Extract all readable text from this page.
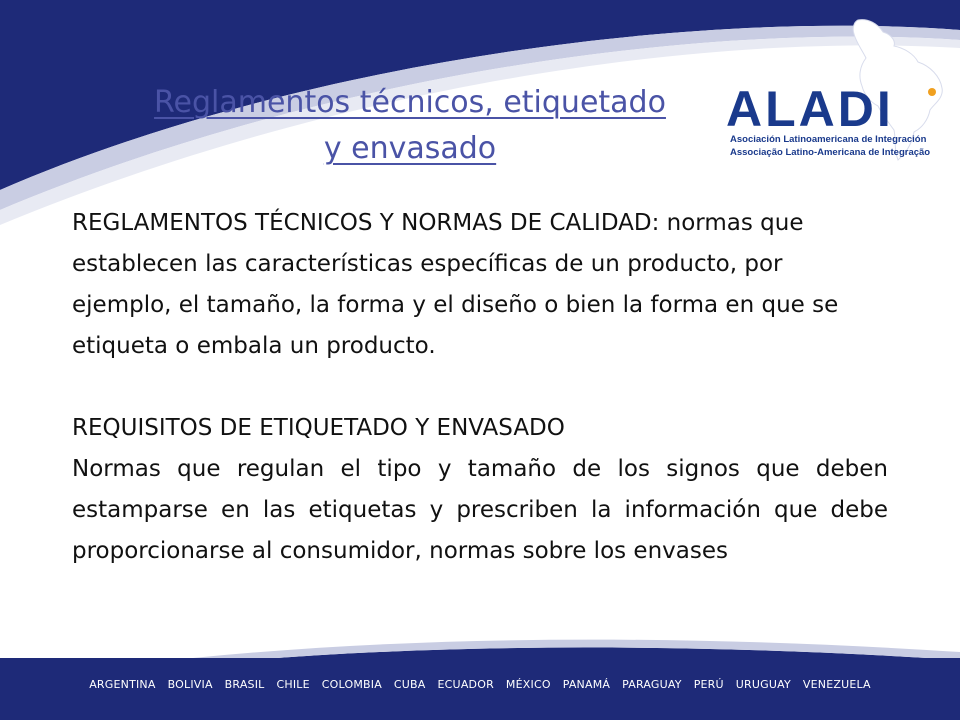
ALADI
Asociación Latinoamericana de Integración
Associação Latino-Americana de Integração
Reglamentos técnicos, etiquetado
y envasado

REGLAMENTOS TÉCNICOS Y NORMAS DE CALIDAD: normas que establecen las características específicas de un producto, por ejemplo, el tamaño, la forma y el diseño o bien la forma en que se etiqueta o embala un producto.

REQUISITOS DE ETIQUETADO Y ENVASADO

Normas que regulan el tipo y tamaño de los signos que deben estamparse en las etiquetas y prescriben la información que debe proporcionarse al consumidor, normas sobre los envases

ARGENTINA BOLIVIA BRASIL CHILE COLOMBIA CUBA ECUADOR MÉXICO PANAMÁ PARAGUAY PERÚ URUGUAY VENEZUELA
